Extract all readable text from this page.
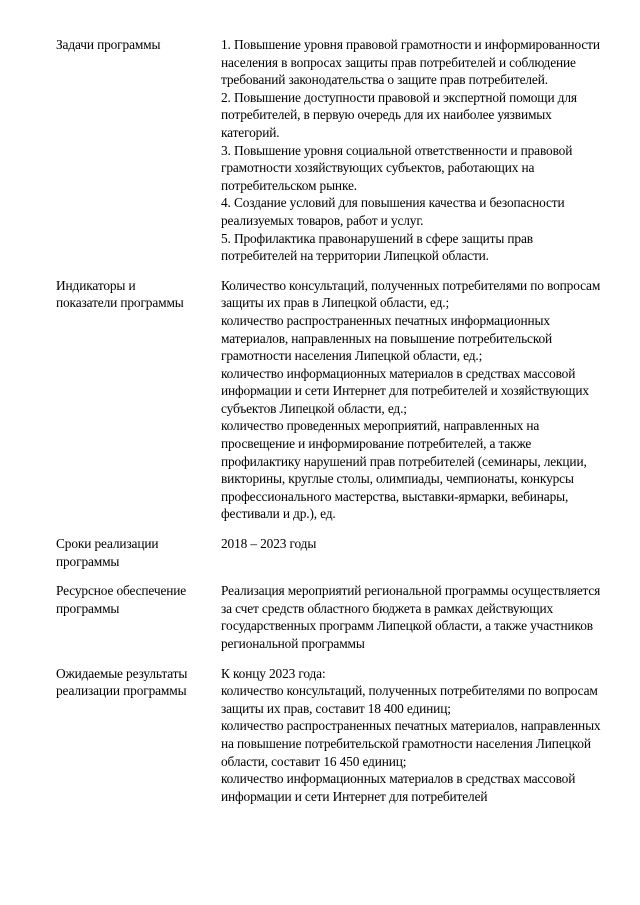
Задачи программы	1. Повышение уровня правовой грамотности и информированности населения в вопросах защиты прав потребителей и соблюдение требований законодательства о защите прав потребителей.

2. Повышение доступности правовой и экспертной помощи для потребителей, в первую очередь для их наиболее уязвимых категорий.

3. Повышение уровня социальной ответственности и правовой грамотности хозяйствующих субъектов, работающих на потребительском рынке.

4. Создание условий для повышения качества и безопасности реализуемых товаров, работ и услуг.

5. Профилактика правонарушений в сфере защиты прав потребителей на территории Липецкой области.

Индикаторы и
показатели программы

Количество консультаций, полученных потребителями по вопросам защиты их прав в Липецкой области, ед.;

количество распространенных печатных информационных материалов, направленных на повышение потребительской грамотности населения Липецкой области, ед.;

количество информационных материалов в средствах массовой информации и сети Интернет для потребителей и хозяйствующих субъектов Липецкой области, ед.;

количество проведенных мероприятий, направленных на просвещение и информирование потребителей, а также профилактику нарушений прав потребителей (семинары, лекции, викторины, круглые столы, олимпиады, чемпионаты, конкурсы профессионального мастерства, выставки-ярмарки, вебинары, фестивали и др.), ед.

Сроки реализации
программы

2018 – 2023 годы

Ресурсное обеспечение
программы

Реализация мероприятий региональной программы осуществляется за счет средств областного бюджета в рамках действующих государственных программ Липецкой области, а также участников региональной программы

Ожидаемые результаты
реализации программы

К концу 2023 года:

количество консультаций, полученных потребителями по вопросам защиты их прав, составит 18 400 единиц;

количество распространенных печатных материалов, направленных на повышение потребительской грамотности населения Липецкой области, составит 16 450 единиц;

количество информационных материалов в средствах массовой информации и сети Интернет для потребителей
